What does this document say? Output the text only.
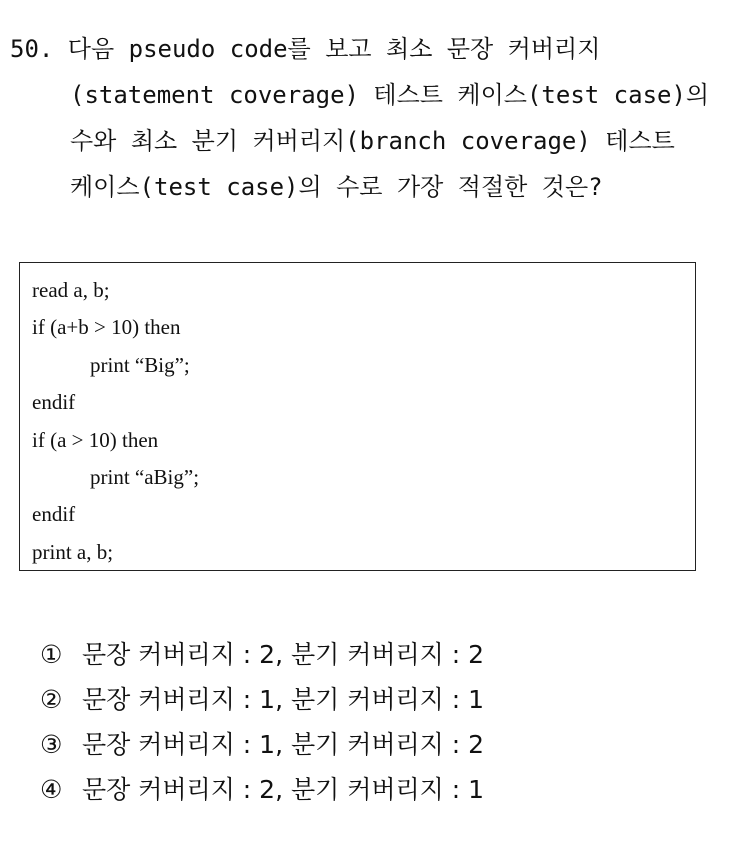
50. 다음 pseudo code를 보고 최소 문장 커버리지
(statement coverage) 테스트 케이스(test case)의
수와 최소 분기 커버리지(branch coverage) 테스트
케이스(test case)의 수로 가장 적절한 것은?
read a, b;
if (a+b > 10) then
print “Big”;
endif
if (a > 10) then
print “aBig”;
endif
print a, b;
① 문장 커버리지 : 2, 분기 커버리지 : 2
② 문장 커버리지 : 1, 분기 커버리지 : 1
③ 문장 커버리지 : 1, 분기 커버리지 : 2
④ 문장 커버리지 : 2, 분기 커버리지 : 1
